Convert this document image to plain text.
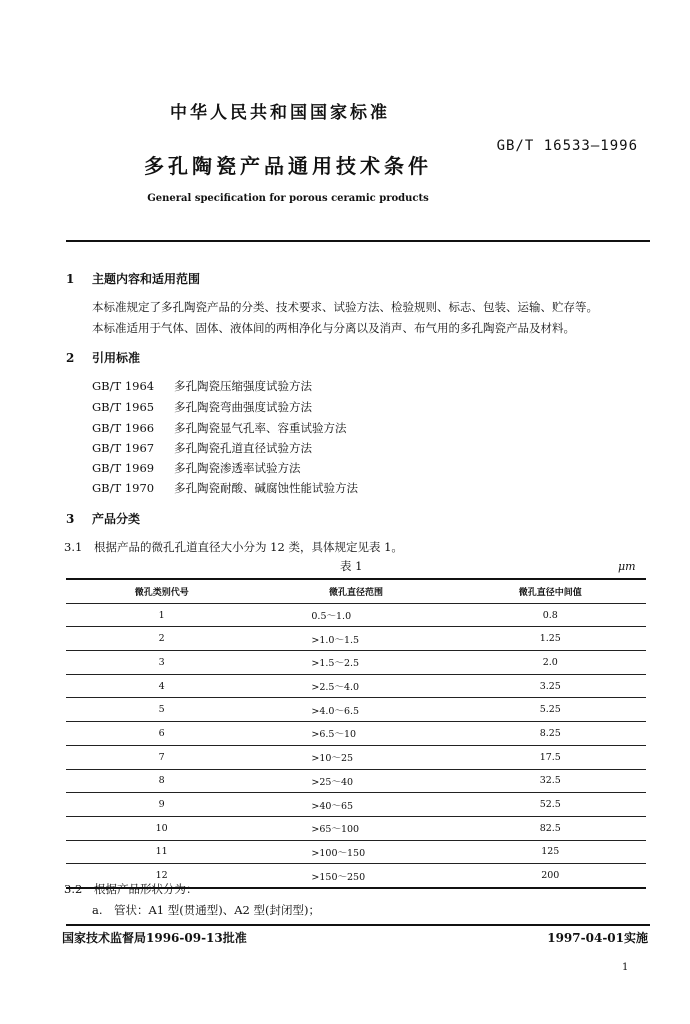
中华人民共和国国家标准
GB/T 16533—1996
多孔陶瓷产品通用技术条件
General specification for porous ceramic products
1 主题内容和适用范围
本标准规定了多孔陶瓷产品的分类、技术要求、试验方法、检验规则、标志、包装、运输、贮存等。
本标准适用于气体、固体、液体间的两相净化与分离以及消声、布气用的多孔陶瓷产品及材料。
2 引用标准
GB/T 1964 多孔陶瓷压缩强度试验方法
GB/T 1965 多孔陶瓷弯曲强度试验方法
GB/T 1966 多孔陶瓷显气孔率、容重试验方法
GB/T 1967 多孔陶瓷孔道直径试验方法
GB/T 1969 多孔陶瓷渗透率试验方法
GB/T 1970 多孔陶瓷耐酸、碱腐蚀性能试验方法
3 产品分类
3.1 根据产品的微孔孔道直径大小分为 12 类，具体规定见表 1。
表 1	μm
微孔类别代号	微孔直径范围	微孔直径中间值
1	0.5～1.0	0.8
2	>1.0～1.5	1.25
3	>1.5～2.5	2.0
4	>2.5～4.0	3.25
5	>4.0～6.5	5.25
6	>6.5～10	8.25
7	>10～25	17.5
8	>25～40	32.5
9	>40～65	52.5
10	>65～100	82.5
11	>100～150	125
12	>150～250	200
3.2 根据产品形状分为：
a. 管状：A1 型(贯通型)、A2 型(封闭型)；
国家技术监督局1996-09-13批准	1997-04-01实施
1
